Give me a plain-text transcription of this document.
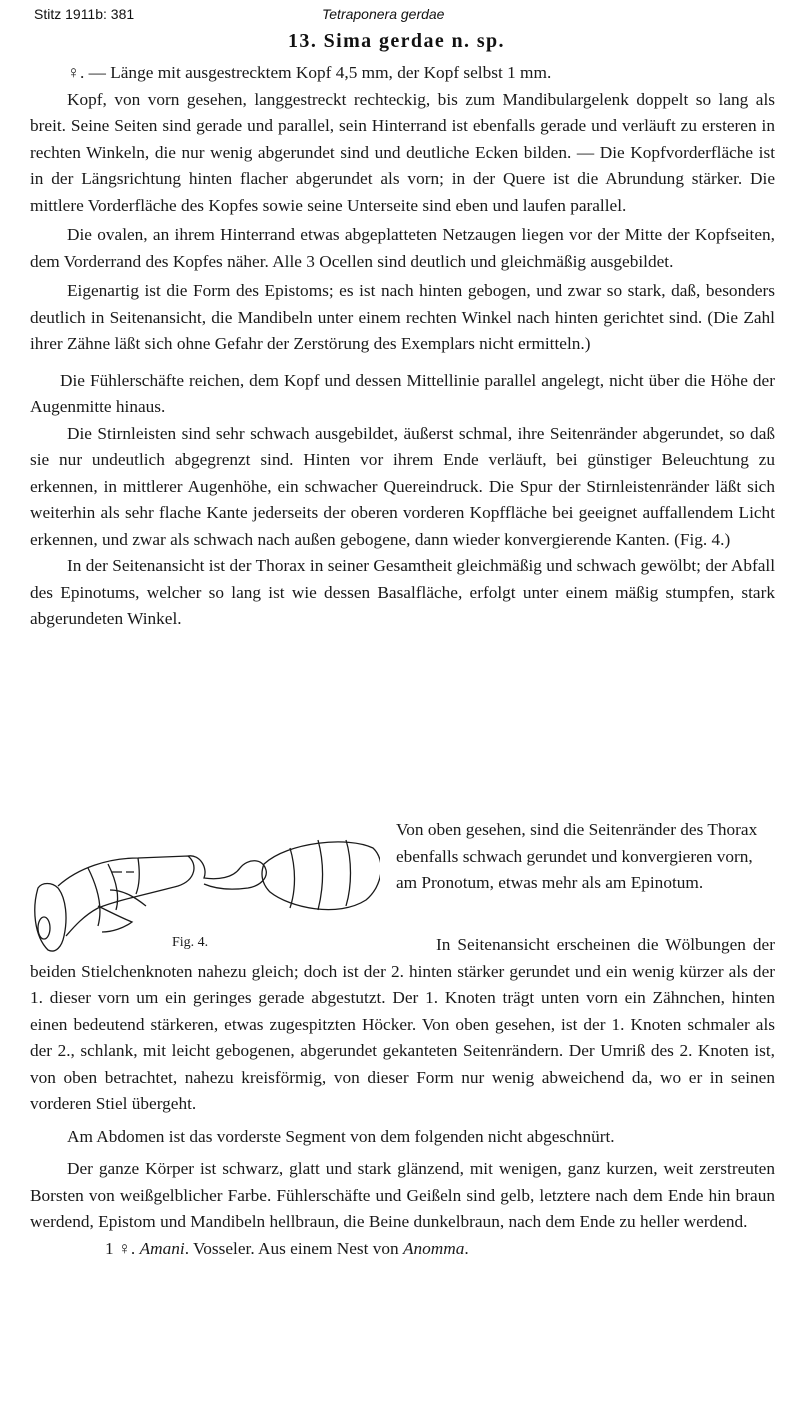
Stitz 1911b: 381	Tetraponera gerdae
13. Sima gerdae n. sp.

♀. — Länge mit ausgestrecktem Kopf 4,5 mm, der Kopf selbst 1 mm.

Kopf, von vorn gesehen, langgestreckt rechteckig, bis zum Mandibulargelenk doppelt so lang als breit. Seine Seiten sind gerade und parallel, sein Hinterrand ist ebenfalls gerade und verläuft zu ersteren in rechten Winkeln, die nur wenig abgerundet sind und deutliche Ecken bilden. — Die Kopfvorderfläche ist in der Längsrichtung hinten flacher abgerundet als vorn; in der Quere ist die Abrundung stärker. Die mittlere Vorderfläche des Kopfes sowie seine Unterseite sind eben und laufen parallel.

Die ovalen, an ihrem Hinterrand etwas abgeplatteten Netzaugen liegen vor der Mitte der Kopfseiten, dem Vorderrand des Kopfes näher. Alle 3 Ocellen sind deutlich und gleichmäßig ausgebildet.

Eigenartig ist die Form des Epistoms; es ist nach hinten gebogen, und zwar so stark, daß, besonders deutlich in Seitenansicht, die Mandibeln unter einem rechten Winkel nach hinten gerichtet sind. (Die Zahl ihrer Zähne läßt sich ohne Gefahr der Zerstörung des Exemplars nicht ermitteln.)

Die Fühlerschäfte reichen, dem Kopf und dessen Mittellinie parallel angelegt, nicht über die Höhe der Augenmitte hinaus.

Die Stirnleisten sind sehr schwach ausgebildet, äußerst schmal, ihre Seitenränder abgerundet, so daß sie nur undeutlich abgegrenzt sind. Hinten vor ihrem Ende verläuft, bei günstiger Beleuchtung zu erkennen, in mittlerer Augenhöhe, ein schwacher Quereindruck. Die Spur der Stirnleistenränder läßt sich weiterhin als sehr flache Kante jederseits der oberen vorderen Kopffläche bei geeignet auffallendem Licht erkennen, und zwar als schwach nach außen gebogene, dann wieder konvergierende Kanten. (Fig. 4.)

In der Seitenansicht ist der Thorax in seiner Gesamtheit gleichmäßig und schwach gewölbt; der Abfall des Epinotums, welcher so lang ist wie dessen Basalfläche, erfolgt unter einem mäßig stumpfen, stark abgerundeten Winkel.

Fig. 4.

Von oben gesehen, sind die Seitenränder des Thorax ebenfalls schwach gerundet und konvergieren vorn, am Pronotum, etwas mehr als am Epinotum.

In Seitenansicht erscheinen die Wölbungen der beiden Stielchenknoten nahezu gleich; doch ist der 2. hinten stärker gerundet und ein wenig kürzer als der 1. dieser vorn um ein geringes gerade abgestutzt. Der 1. Knoten trägt unten vorn ein Zähnchen, hinten einen bedeutend stärkeren, etwas zugespitzten Höcker. Von oben gesehen, ist der 1. Knoten schmaler als der 2., schlank, mit leicht gebogenen, abgerundet gekanteten Seitenrändern. Der Umriß des 2. Knoten ist, von oben betrachtet, nahezu kreisförmig, von dieser Form nur wenig abweichend da, wo er in seinen vorderen Stiel übergeht.

Am Abdomen ist das vorderste Segment von dem folgenden nicht abgeschnürt.

Der ganze Körper ist schwarz, glatt und stark glänzend, mit wenigen, ganz kurzen, weit zerstreuten Borsten von weißgelblicher Farbe. Fühlerschäfte und Geißeln sind gelb, letztere nach dem Ende hin braun werdend, Epistom und Mandibeln hellbraun, die Beine dunkelbraun, nach dem Ende zu heller werdend.

1 ♀. Amani. Vosseler. Aus einem Nest von Anomma.
